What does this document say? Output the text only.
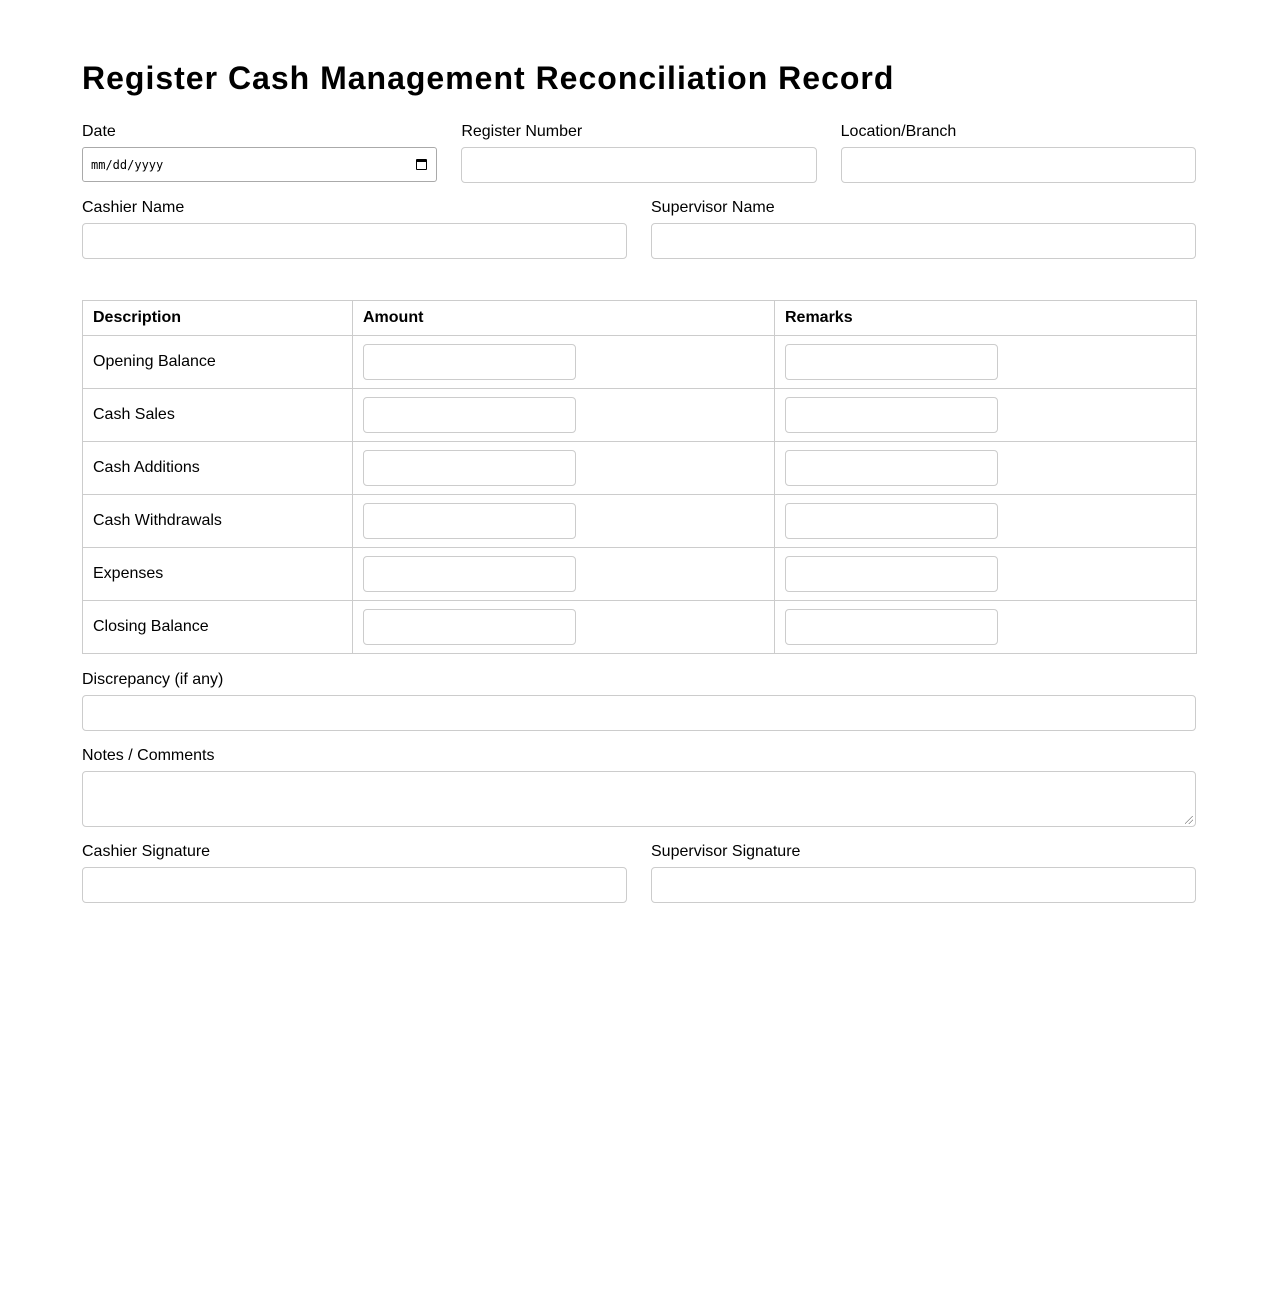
Register Cash Management Reconciliation Record
Date
mm/dd/yyyy
Register Number	Location/Branch
Cashier Name	Supervisor Name
Description	Amount	Remarks
Opening Balance	

Cash Sales	

Cash Additions	

Cash Withdrawals	

Expenses	

Closing Balance	

Discrepancy (if any)
Notes / Comments
Cashier Signature	Supervisor Signature
